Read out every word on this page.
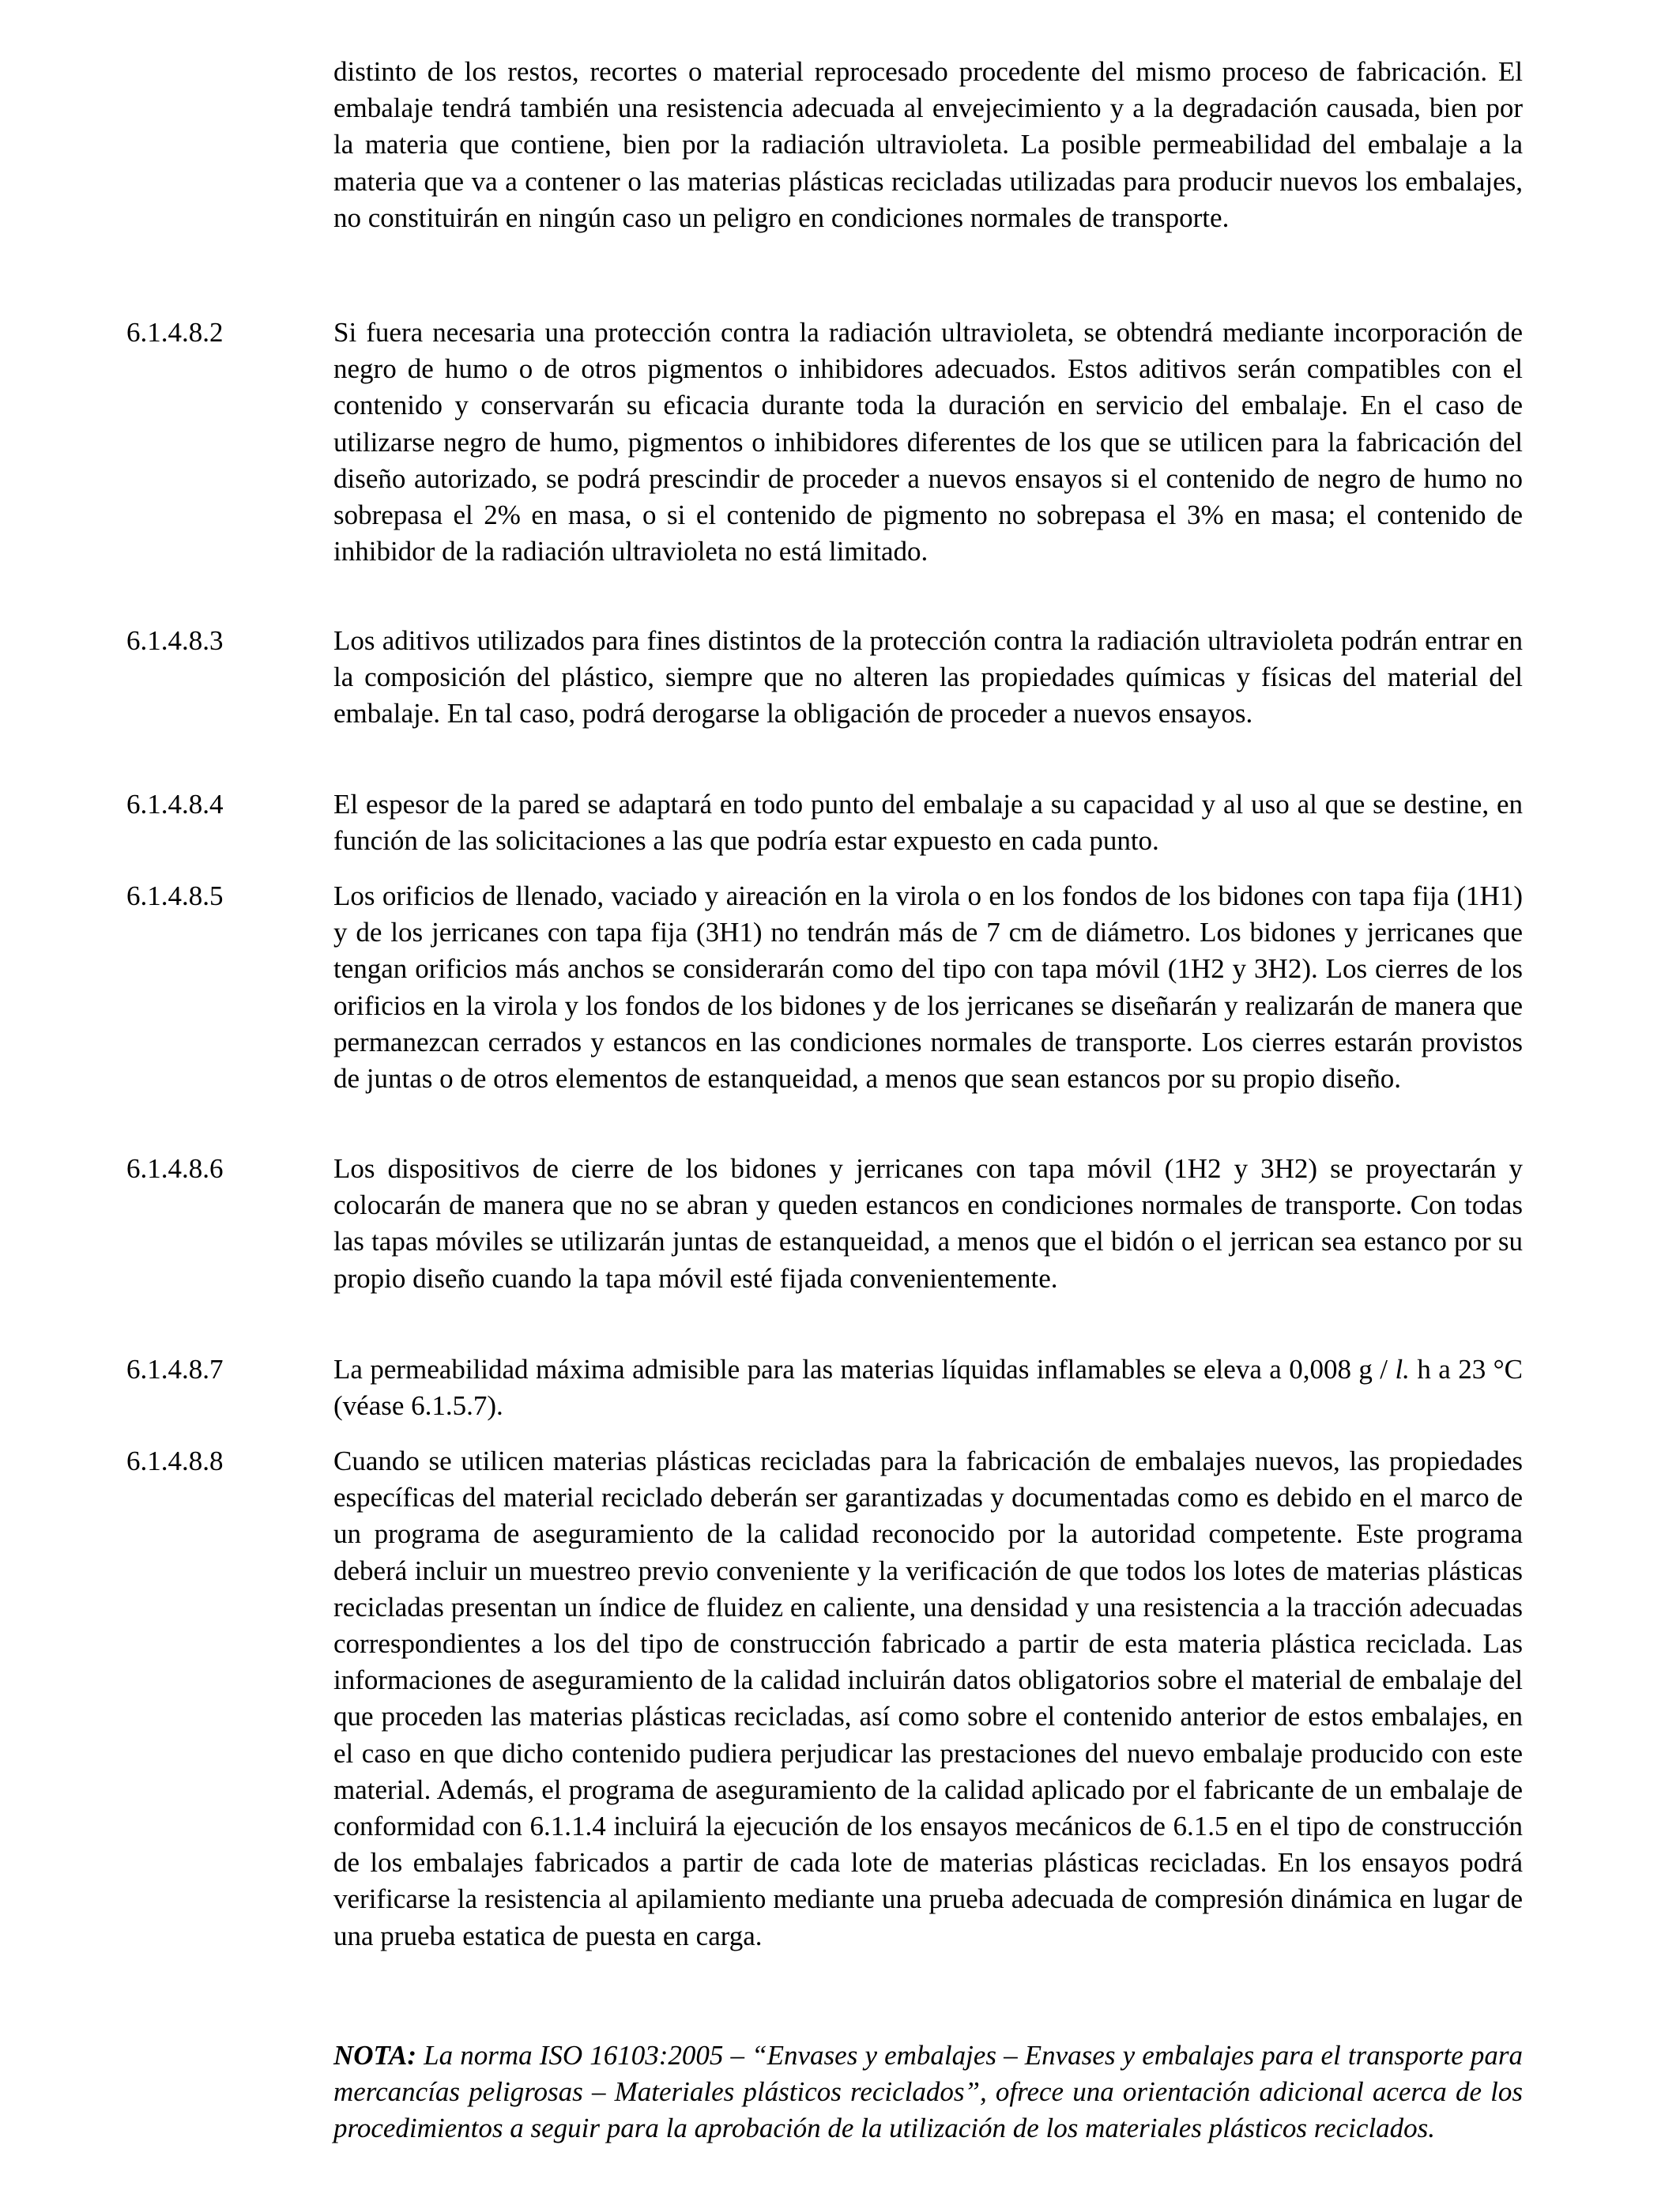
distinto de los restos, recortes o material reprocesado procedente del mismo proceso de fabricación. El embalaje tendrá también una resistencia adecuada al envejecimiento y a la degradación causada, bien por la materia que contiene, bien por la radiación ultravioleta. La posible permeabilidad del embalaje a la materia que va a contener o las materias plásticas recicladas utilizadas para producir nuevos los embalajes, no constituirán en ningún caso un peligro en condiciones normales de transporte.
6.1.4.8.2	Si fuera necesaria una protección contra la radiación ultravioleta, se obtendrá mediante incorporación de negro de humo o de otros pigmentos o inhibidores adecuados. Estos aditivos serán compatibles con el contenido y conservarán su eficacia durante toda la duración en servicio del embalaje. En el caso de utilizarse negro de humo, pigmentos o inhibidores diferentes de los que se utilicen para la fabricación del diseño autorizado, se podrá prescindir de proceder a nuevos ensayos si el contenido de negro de humo no sobrepasa el 2% en masa, o si el contenido de pigmento no sobrepasa el 3% en masa; el contenido de inhibidor de la radiación ultravioleta no está limitado.
6.1.4.8.3	Los aditivos utilizados para fines distintos de la protección contra la radiación ultravioleta podrán entrar en la composición del plástico, siempre que no alteren las propiedades químicas y físicas del material del embalaje. En tal caso, podrá derogarse la obligación de proceder a nuevos ensayos.
6.1.4.8.4	El espesor de la pared se adaptará en todo punto del embalaje a su capacidad y al uso al que se destine, en función de las solicitaciones a las que podría estar expuesto en cada punto.
6.1.4.8.5	Los orificios de llenado, vaciado y aireación en la virola o en los fondos de los bidones con tapa fija (1H1) y de los jerricanes con tapa fija (3H1) no tendrán más de 7 cm de diámetro. Los bidones y jerricanes que tengan orificios más anchos se considerarán como del tipo con tapa móvil (1H2 y 3H2). Los cierres de los orificios en la virola y los fondos de los bidones y de los jerricanes se diseñarán y realizarán de manera que permanezcan cerrados y estancos en las condiciones normales de transporte. Los cierres estarán provistos de juntas o de otros elementos de estanqueidad, a menos que sean estancos por su propio diseño.
6.1.4.8.6	Los dispositivos de cierre de los bidones y jerricanes con tapa móvil (1H2 y 3H2) se proyectarán y colocarán de manera que no se abran y queden estancos en condiciones normales de transporte. Con todas las tapas móviles se utilizarán juntas de estanqueidad, a menos que el bidón o el jerrican sea estanco por su propio diseño cuando la tapa móvil esté fijada convenientemente.
6.1.4.8.7	La permeabilidad máxima admisible para las materias líquidas inflamables se eleva a 0,008 g / l. h a 23 °C (véase 6.1.5.7).
6.1.4.8.8	Cuando se utilicen materias plásticas recicladas para la fabricación de embalajes nuevos, las propiedades específicas del material reciclado deberán ser garantizadas y documentadas como es debido en el marco de un programa de aseguramiento de la calidad reconocido por la autoridad competente. Este programa deberá incluir un muestreo previo conveniente y la verificación de que todos los lotes de materias plásticas recicladas presentan un índice de fluidez en caliente, una densidad y una resistencia a la tracción adecuadas correspondientes a los del tipo de construcción fabricado a partir de esta materia plástica reciclada. Las informaciones de aseguramiento de la calidad incluirán datos obligatorios sobre el material de embalaje del que proceden las materias plásticas recicladas, así como sobre el contenido anterior de estos embalajes, en el caso en que dicho contenido pudiera perjudicar las prestaciones del nuevo embalaje producido con este material. Además, el programa de aseguramiento de la calidad aplicado por el fabricante de un embalaje de conformidad con 6.1.1.4 incluirá la ejecución de los ensayos mecánicos de 6.1.5 en el tipo de construcción de los embalajes fabricados a partir de cada lote de materias plásticas recicladas. En los ensayos podrá verificarse la resistencia al apilamiento mediante una prueba adecuada de compresión dinámica en lugar de una prueba estatica de puesta en carga.
NOTA: La norma ISO 16103:2005 – “Envases y embalajes – Envases y embalajes para el transporte para mercancías peligrosas – Materiales plásticos reciclados”, ofrece una orientación adicional acerca de los procedimientos a seguir para la aprobación de la utilización de los materiales plásticos reciclados.
